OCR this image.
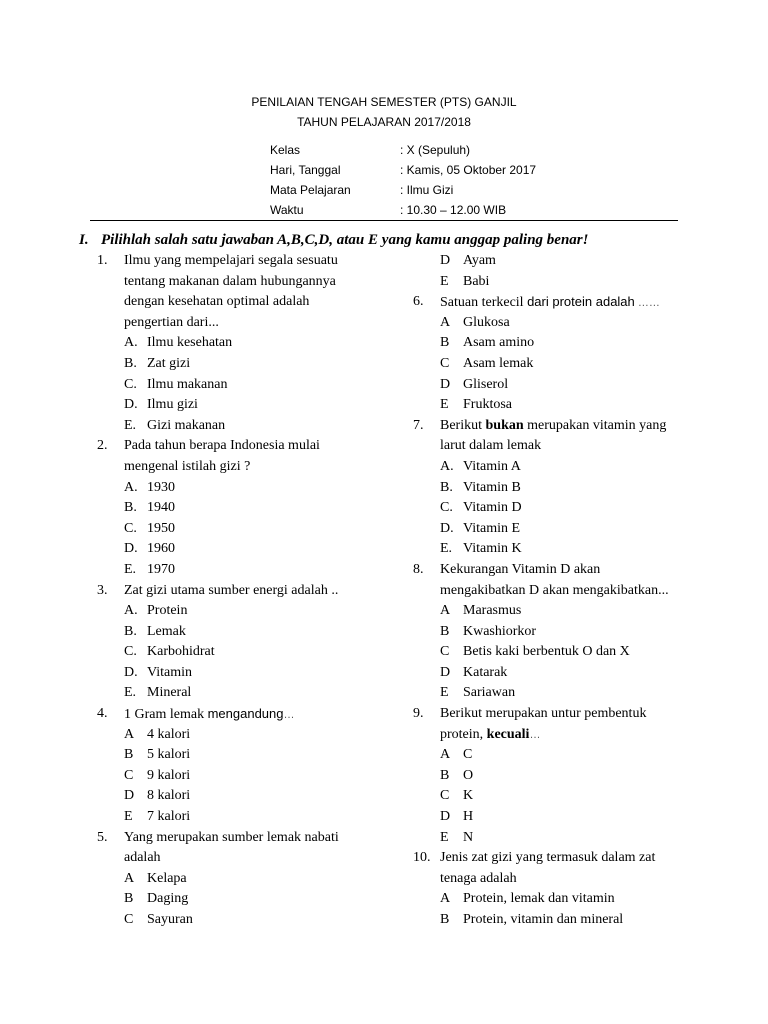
PENILAIAN TENGAH SEMESTER (PTS) GANJIL
TAHUN PELAJARAN 2017/2018
Kelas	: X (Sepuluh)
Hari, Tanggal	: Kamis, 05 Oktober 2017
Mata Pelajaran	: Ilmu Gizi
Waktu	: 10.30 – 12.00 WIB
I. Pilihlah salah satu jawaban A,B,C,D, atau E yang kamu anggap paling benar!
1. Ilmu yang mempelajari segala sesuatu
tentang makanan dalam hubungannya
dengan kesehatan optimal adalah
pengertian dari...
A. Ilmu kesehatan
B. Zat gizi
C. Ilmu makanan
D. Ilmu gizi
E. Gizi makanan
2. Pada tahun berapa Indonesia mulai
mengenal istilah gizi ?
A. 1930
B. 1940
C. 1950
D. 1960
E. 1970
3. Zat gizi utama sumber energi adalah ..
A. Protein
B. Lemak
C. Karbohidrat
D. Vitamin
E. Mineral
4. 1 Gram lemak mengandung…
A 4 kalori
B 5 kalori
C 9 kalori
D 8 kalori
E 7 kalori
5. Yang merupakan sumber lemak nabati
adalah
A Kelapa
B Daging
C Sayuran
D Ayam
E Babi
6. Satuan terkecil dari protein adalah ……
A Glukosa
B Asam amino
C Asam lemak
D Gliserol
E Fruktosa
7. Berikut bukan merupakan vitamin yang
larut dalam lemak
A. Vitamin A
B. Vitamin B
C. Vitamin D
D. Vitamin E
E. Vitamin K
8. Kekurangan Vitamin D akan
mengakibatkan D akan mengakibatkan...
A Marasmus
B Kwashiorkor
C Betis kaki berbentuk O dan X
D Katarak
E Sariawan
9. Berikut merupakan untur pembentuk
protein, kecuali…
A C
B O
C K
D H
E N
10. Jenis zat gizi yang termasuk dalam zat
tenaga adalah
A Protein, lemak dan vitamin
B Protein, vitamin dan mineral
